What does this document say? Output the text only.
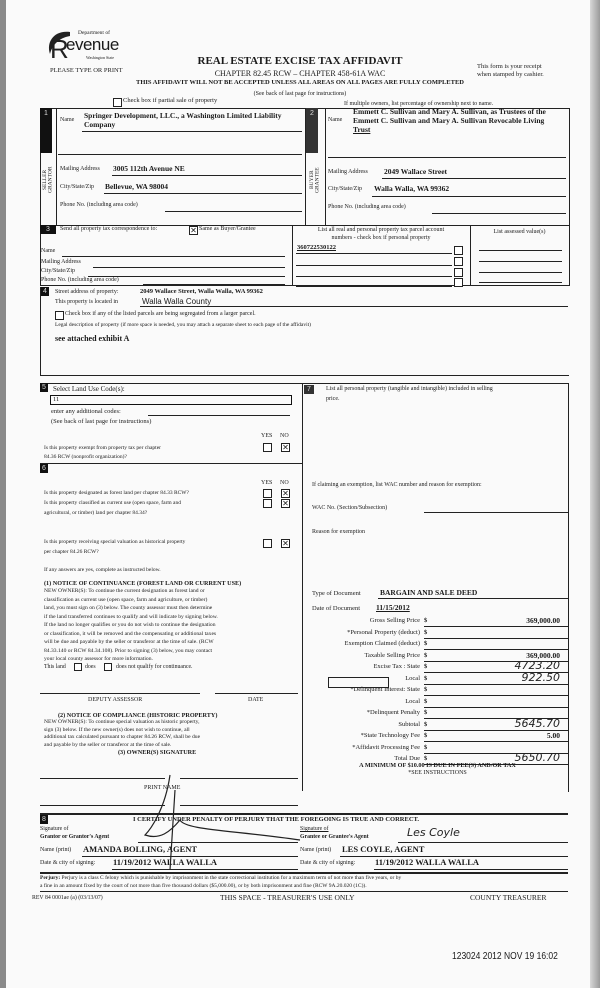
R
Department of
evenue
Washington State
PLEASE TYPE OR PRINT
REAL ESTATE EXCISE TAX AFFIDAVIT
CHAPTER 82.45 RCW – CHAPTER 458-61A WAC
THIS AFFIDAVIT WILL NOT BE ACCEPTED UNLESS ALL AREAS ON ALL PAGES ARE FULLY COMPLETED
This form is your receipt
when stamped by cashier.
(See back of last page for instructions)
Check box if partial sale of property	If multiple owners, list percentage of ownership next to name.
1	2
SELLER GRANTOR	BUYER GRANTEE
Name Springer Development, LLC., a Washington Limited Liability
Company
Mailing Address 3005 112th Avenue NE
City/State/Zip Bellevue, WA 98004
Phone No. (including area code)
Name
Emmett C. Sullivan and Mary A. Sullivan, as Trustees of the
Emmett C. Sullivan and Mary A. Sullivan Revocable Living
Trust
Mailing Address 2049 Wallace Street
City/State/Zip Walla Walla, WA 99362
Phone No. (including area code)
3	Send all property tax correspondence to:	✕ Same as Buyer/Grantee
Name
Mailing Address
City/State/Zip
Phone No. (including area code)
List all real and personal property tax parcel account
numbers - check box if personal property
360722530122
List assessed value(s)
4	Street address of property:	2049 Wallace Street, Walla Walla, WA 99362
This property is located in	Walla Walla County
Check box if any of the listed parcels are being segregated from a larger parcel.
Legal description of property (if more space is needed, you may attach a separate sheet to each page of the affidavit)
see attached exhibit A
5 Select Land Use Code(s):
11
enter any additional codes:
(See back of last page for instructions)
YES NO
Is this property exempt from property tax per chapter
84.36 RCW (nonprofit organization)?
✕
6
YES NO
Is this property designated as forest land per chapter 84.33 RCW?	✕
Is this property classified as current use (open space, farm and
agricultural, or timber) land per chapter 84.34?
✕
Is this property receiving special valuation as historical property
per chapter 84.26 RCW?
✕
If any answers are yes, complete as instructed below.
(1) NOTICE OF CONTINUANCE (FOREST LAND OR CURRENT USE)
NEW OWNER(S): To continue the current designation as forest land or
classification as current use (open space, farm and agriculture, or timber)
land, you must sign on (3) below. The county assessor must then determine
if the land transferred continues to qualify and will indicate by signing below.
If the land no longer qualifies or you do not wish to continue the designation
or classification, it will be removed and the compensating or additional taxes
will be due and payable by the seller or transferor at the time of sale. (RCW
84.33.140 or RCW 84.34.108). Prior to signing (3) below, you may contact
your local county assessor for more information.
This land	does	does not qualify for continuance.
DEPUTY ASSESSOR	DATE
(2) NOTICE OF COMPLIANCE (HISTORIC PROPERTY)
NEW OWNER(S): To continue special valuation as historic property,
sign (3) below. If the new owner(s) does not wish to continue, all
additional tax calculated pursuant to chapter 84.26 RCW, shall be due
and payable by the seller or transferor at the time of sale.
(3) OWNER(S) SIGNATURE
PRINT NAME
7	List all personal property (tangible and intangible) included in selling
price.
If claiming an exemption, list WAC number and reason for exemption:
WAC No. (Section/Subsection)
Reason for exemption
Type of Document	BARGAIN AND SALE DEED
Date of Document 11/15/2012
Gross Selling Price $	369,000.00
*Personal Property (deduct) $
Exemption Claimed (deduct) $
Taxable Selling Price $	369,000.00
Excise Tax : State $	4723.20
Local $	922.50
*Delinquent Interest: State $
Local $
*Delinquent Penalty $
Subtotal $	5645.70
*State Technology Fee $	5.00
*Affidavit Processing Fee $
Total Due $	5650.70
A MINIMUM OF $10.00 IS DUE IN FEE(S) AND/OR TAX
*SEE INSTRUCTIONS
8	I CERTIFY UNDER PENALTY OF PERJURY THAT THE FOREGOING IS TRUE AND CORRECT.
Signature of
Grantor or Grantor's Agent
Name (print) AMANDA BOLLING, AGENT
Date & city of signing: 11/19/2012 WALLA WALLA
Signature of
Grantee or Grantee's Agent	Les Coyle
Name (print) LES COYLE, AGENT
Date & city of signing: 11/19/2012 WALLA WALLA
Perjury: Perjury is a class C felony which is punishable by imprisonment in the state correctional institution for a maximum term of not more than five years, or by
a fine in an amount fixed by the court of not more than five thousand dollars ($5,000.00), or by both imprisonment and fine (RCW 9A.20.020 (1C)).
REV 84 0001ae (a) (03/13/07)	THIS SPACE - TREASURER'S USE ONLY	COUNTY TREASURER
123024 2012 NOV 19 16:02
